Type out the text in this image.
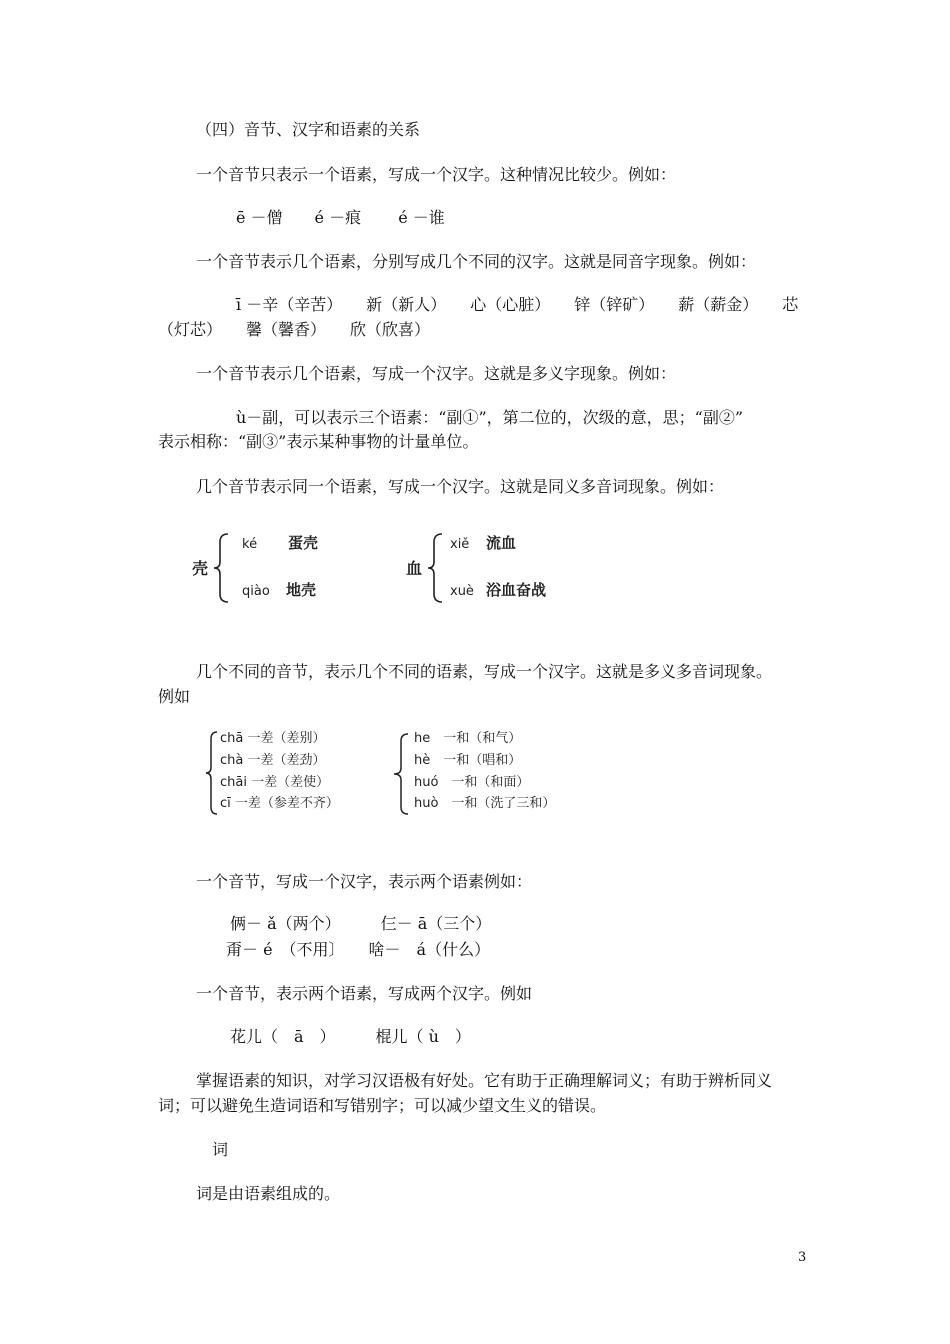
（四）音节、汉字和语素的关系
一个音节只表示一个语素，写成一个汉字。这种情况比较少。例如：
ē －僧　　é －痕　　 é －谁
一个音节表示几个语素，分别写成几个不同的汉字。这就是同音字现象。例如：
ī －辛（辛苦）　　新（新人）　　心（心脏）　　锌（锌矿）　　薪（薪金）　　芯
（灯芯）　　馨（馨香）　　欣（欣喜）
一个音节表示几个语素，写成一个汉字。这就是多义字现象。例如：
ù－副，可以表示三个语素：“副①”，第二位的，次级的意，思；“副②”
表示相称：“副③”表示某种事物的计量单位。
几个音节表示同一个语素，写成一个汉字。这就是同义多音词现象。例如：
壳
ké 蛋壳
qiào 地壳
血
xiě 流血
xuè 浴血奋战
几个不同的音节，表示几个不同的语素，写成一个汉字。这就是多义多音词现象。
例如
chā 一差（差别）
chà 一差（差劲）
chāi 一差（差使）
cī 一差（参差不齐）
he　一和（和气）
hè　一和（唱和）
huó　一和（和面）
huò　一和（洗了三和）
一个音节，写成一个汉字，表示两个语素例如：
俩－ ǎ（两个）　　　仨－ ā（三个）
甭－ é　（不用〕　　啥－　á（什么）
一个音节，表示两个语素，写成两个汉字。例如
花儿（　ā　）　　　棍儿（ ù　）
掌握语素的知识，对学习汉语极有好处。它有助于正确理解词义；有助于辨析同义
词；可以避免生造词语和写错别字；可以减少望文生义的错误。
词
词是由语素组成的。
3
